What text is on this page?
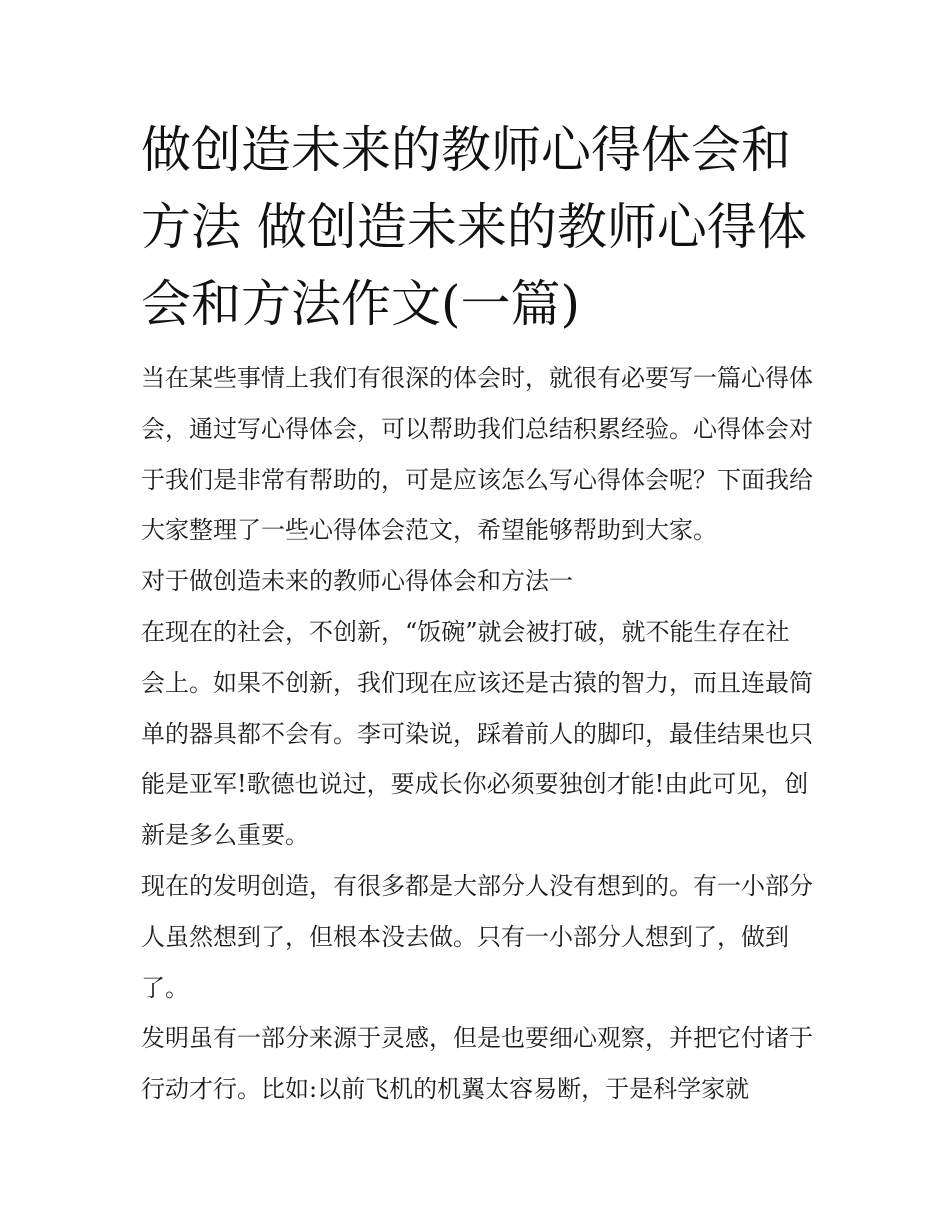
做创造未来的教师心得体会和方法 做创造未来的教师心得体会和方法作文(一篇)

当在某些事情上我们有很深的体会时，就很有必要写一篇心得体会，通过写心得体会，可以帮助我们总结积累经验。心得体会对于我们是非常有帮助的，可是应该怎么写心得体会呢？下面我给大家整理了一些心得体会范文，希望能够帮助到大家。

对于做创造未来的教师心得体会和方法一

在现在的社会，不创新，“饭碗”就会被打破，就不能生存在社会上。如果不创新，我们现在应该还是古猿的智力，而且连最简单的器具都不会有。李可染说，踩着前人的脚印，最佳结果也只能是亚军!歌德也说过，要成长你必须要独创才能!由此可见，创新是多么重要。

现在的发明创造，有很多都是大部分人没有想到的。有一小部分人虽然想到了，但根本没去做。只有一小部分人想到了，做到了。

发明虽有一部分来源于灵感，但是也要细心观察，并把它付诸于行动才行。比如:以前飞机的机翼太容易断，于是科学家就
